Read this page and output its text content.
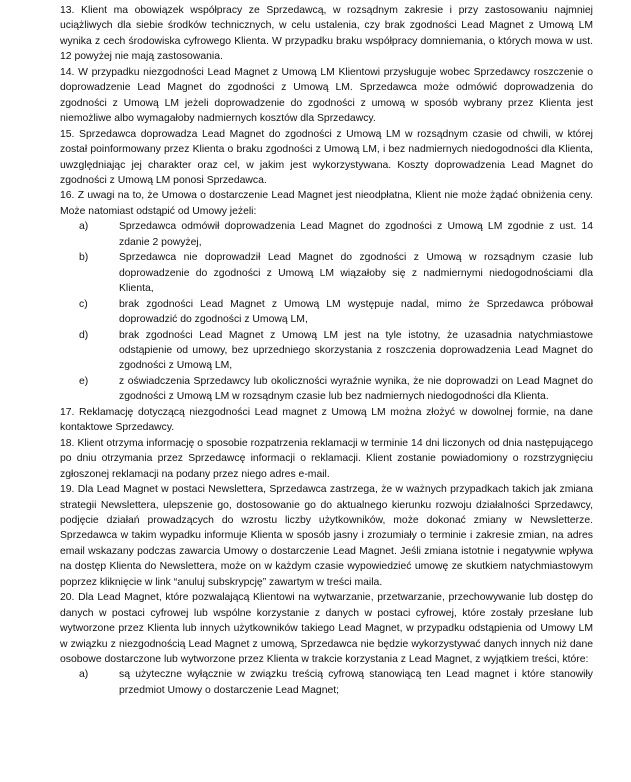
13. Klient ma obowiązek współpracy ze Sprzedawcą, w rozsądnym zakresie i przy zastosowaniu najmniej uciążliwych dla siebie środków technicznych, w celu ustalenia, czy brak zgodności Lead Magnet z Umową LM wynika z cech środowiska cyfrowego Klienta. W przypadku braku współpracy domniemania, o których mowa w ust. 12 powyżej nie mają zastosowania.

14. W przypadku niezgodności Lead Magnet z Umową LM Klientowi przysługuje wobec Sprzedawcy roszczenie o doprowadzenie Lead Magnet do zgodności z Umową LM. Sprzedawca może odmówić doprowadzenia do zgodności z Umową LM jeżeli doprowadzenie do zgodności z umową w sposób wybrany przez Klienta jest niemożliwe albo wymagałoby nadmiernych kosztów dla Sprzedawcy.

15. Sprzedawca doprowadza Lead Magnet do zgodności z Umową LM w rozsądnym czasie od chwili, w której został poinformowany przez Klienta o braku zgodności z Umową LM, i bez nadmiernych niedogodności dla Klienta, uwzględniając jej charakter oraz cel, w jakim jest wykorzystywana. Koszty doprowadzenia Lead Magnet do zgodności z Umową LM ponosi Sprzedawca.

16. Z uwagi na to, że Umowa o dostarczenie Lead Magnet jest nieodpłatna, Klient nie może żądać obniżenia ceny. Może natomiast odstąpić od Umowy jeżeli:

a)	Sprzedawca odmówił doprowadzenia Lead Magnet do zgodności z Umową LM zgodnie z ust. 14 zdanie 2 powyżej,
b)	Sprzedawca nie doprowadził Lead Magnet do zgodności z Umową w rozsądnym czasie lub doprowadzenie do zgodności z Umową LM wiązałoby się z nadmiernymi niedogodnościami dla Klienta,
c)	brak zgodności Lead Magnet z Umową LM występuje nadal, mimo że Sprzedawca próbował doprowadzić do zgodności z Umową LM,
d)	brak zgodności Lead Magnet z Umową LM jest na tyle istotny, że uzasadnia natychmiastowe odstąpienie od umowy, bez uprzedniego skorzystania z roszczenia doprowadzenia Lead Magnet do zgodności z Umową LM,
e)	z oświadczenia Sprzedawcy lub okoliczności wyraźnie wynika, że nie doprowadzi on Lead Magnet do zgodności z Umową LM w rozsądnym czasie lub bez nadmiernych niedogodności dla Klienta.

17. Reklamację dotyczącą niezgodności Lead magnet z Umową LM można złożyć w dowolnej formie, na dane kontaktowe Sprzedawcy.

18. Klient otrzyma informację o sposobie rozpatrzenia reklamacji w terminie 14 dni liczonych od dnia następującego po dniu otrzymania przez Sprzedawcę informacji o reklamacji. Klient zostanie powiadomiony o rozstrzygnięciu zgłoszonej reklamacji na podany przez niego adres e-mail.

19. Dla Lead Magnet w postaci Newslettera, Sprzedawca zastrzega, że w ważnych przypadkach takich jak zmiana strategii Newslettera, ulepszenie go, dostosowanie go do aktualnego kierunku rozwoju działalności Sprzedawcy, podjęcie działań prowadzących do wzrostu liczby użytkowników, może dokonać zmiany w Newsletterze. Sprzedawca w takim wypadku informuje Klienta w sposób jasny i zrozumiały o terminie i zakresie zmian, na adres email wskazany podczas zawarcia Umowy o dostarczenie Lead Magnet. Jeśli zmiana istotnie i negatywnie wpływa na dostęp Klienta do Newslettera, może on w każdym czasie wypowiedzieć umowę ze skutkiem natychmiastowym poprzez kliknięcie w link “anuluj subskrypcję” zawartym w treści maila.

20. Dla Lead Magnet, które pozwalającą Klientowi na wytwarzanie, przetwarzanie, przechowywanie lub dostęp do danych w postaci cyfrowej lub wspólne korzystanie z danych w postaci cyfrowej, które zostały przesłane lub wytworzone przez Klienta lub innych użytkowników takiego Lead Magnet, w przypadku odstąpienia od Umowy LM w związku z niezgodnością Lead Magnet z umową, Sprzedawca nie będzie wykorzystywać danych innych niż dane osobowe dostarczone lub wytworzone przez Klienta w trakcie korzystania z Lead Magnet, z wyjątkiem treści, które:

a)	są użyteczne wyłącznie w związku treścią cyfrową stanowiącą ten Lead magnet i które stanowiły przedmiot Umowy o dostarczenie Lead Magnet;
